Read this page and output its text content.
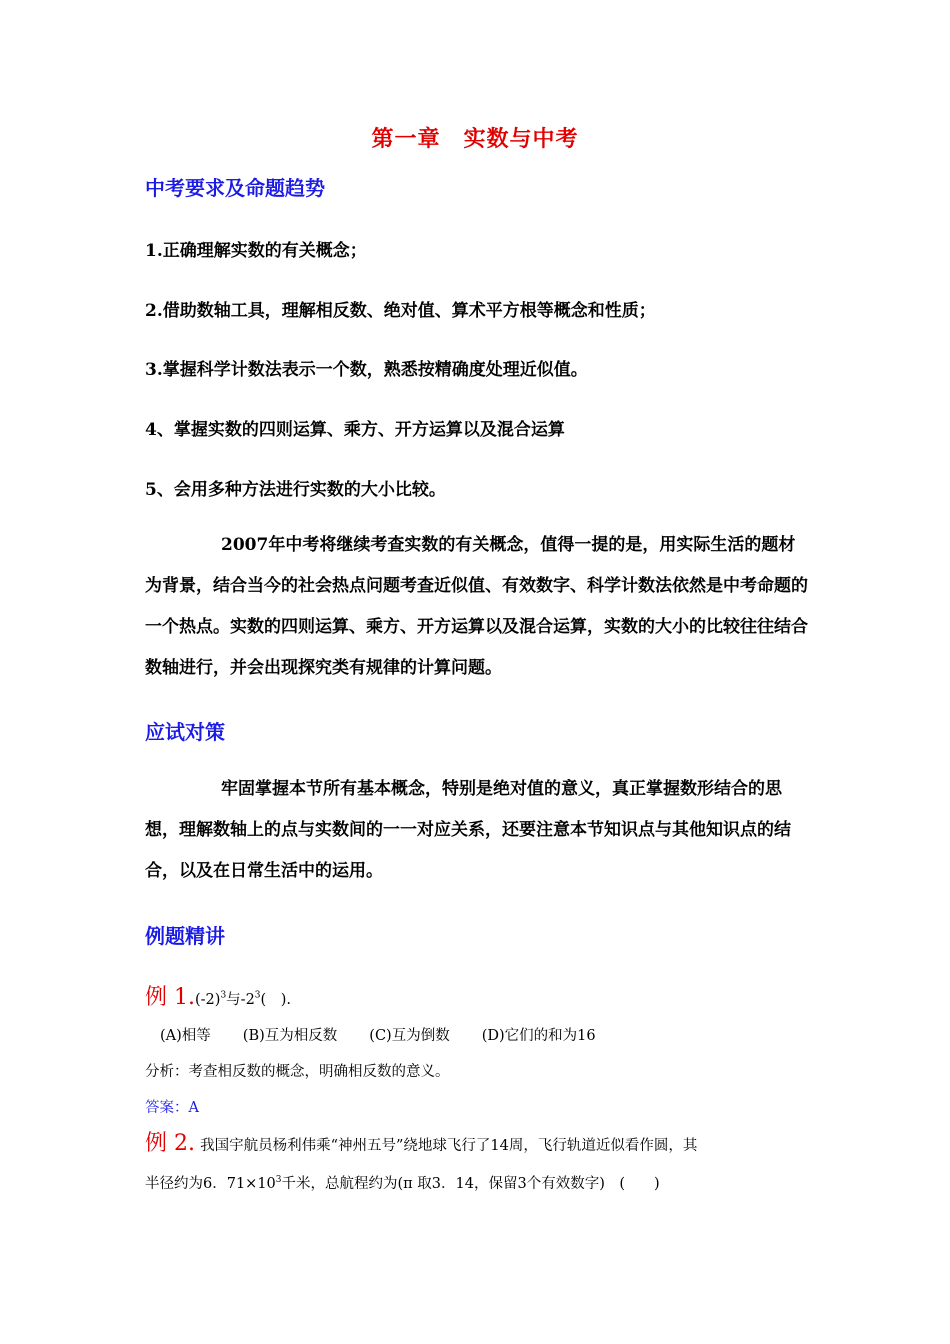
第一章　实数与中考
中考要求及命题趋势
1.正确理解实数的有关概念；
2.借助数轴工具，理解相反数、绝对值、算术平方根等概念和性质；
3.掌握科学计数法表示一个数，熟悉按精确度处理近似值。
4、掌握实数的四则运算、乘方、开方运算以及混合运算
5、会用多种方法进行实数的大小比较。
2007年中考将继续考查实数的有关概念，值得一提的是，用实际生活的题材为背景，结合当今的社会热点问题考查近似值、有效数字、科学计数法依然是中考命题的一个热点。实数的四则运算、乘方、开方运算以及混合运算，实数的大小的比较往往结合数轴进行，并会出现探究类有规律的计算问题。
应试对策
牢固掌握本节所有基本概念，特别是绝对值的意义，真正掌握数形结合的思想，理解数轴上的点与实数间的一一对应关系，还要注意本节知识点与其他知识点的结合，以及在日常生活中的运用。
例题精讲
例 $1.(-2)^3$与$-2^3$(　).
(A)相等 (B)互为相反数 (C)互为倒数 (D)它们的和为16
分析：考查相反数的概念，明确相反数的意义。
答案：A
例 2. 我国宇航员杨利伟乘“神州五号”绕地球飞行了14周，飞行轨道近似看作圆，其
半径约为6．$71\times 10^3$千米，总航程约为(π 取3．14，保留3个有效数字)　(　　)
